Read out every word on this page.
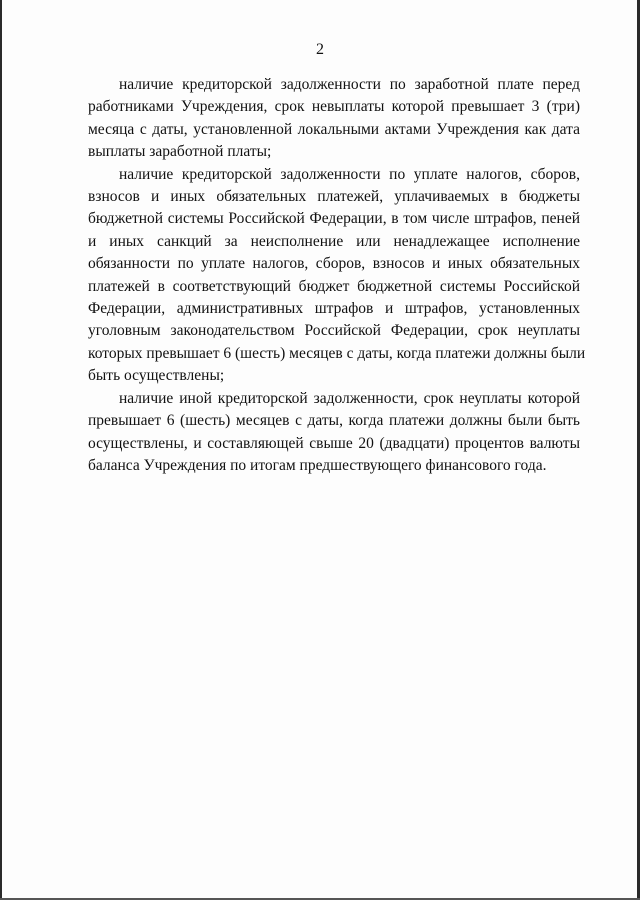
2

наличие кредиторской задолженности по заработной плате перед
работниками Учреждения, срок невыплаты которой превышает 3 (три)
месяца с даты, установленной локальными актами Учреждения как дата
выплаты заработной платы;

наличие кредиторской задолженности по уплате налогов, сборов,
взносов и иных обязательных платежей, уплачиваемых в бюджеты
бюджетной системы Российской Федерации, в том числе штрафов, пеней
и иных санкций за неисполнение или ненадлежащее исполнение
обязанности по уплате налогов, сборов, взносов и иных обязательных
платежей в соответствующий бюджет бюджетной системы Российской
Федерации, административных штрафов и штрафов, установленных
уголовным законодательством Российской Федерации, срок неуплаты
которых превышает 6 (шесть) месяцев с даты, когда платежи должны были
быть осуществлены;

наличие иной кредиторской задолженности, срок неуплаты которой
превышает 6 (шесть) месяцев с даты, когда платежи должны были быть
осуществлены, и составляющей свыше 20 (двадцати) процентов валюты
баланса Учреждения по итогам предшествующего финансового года.
